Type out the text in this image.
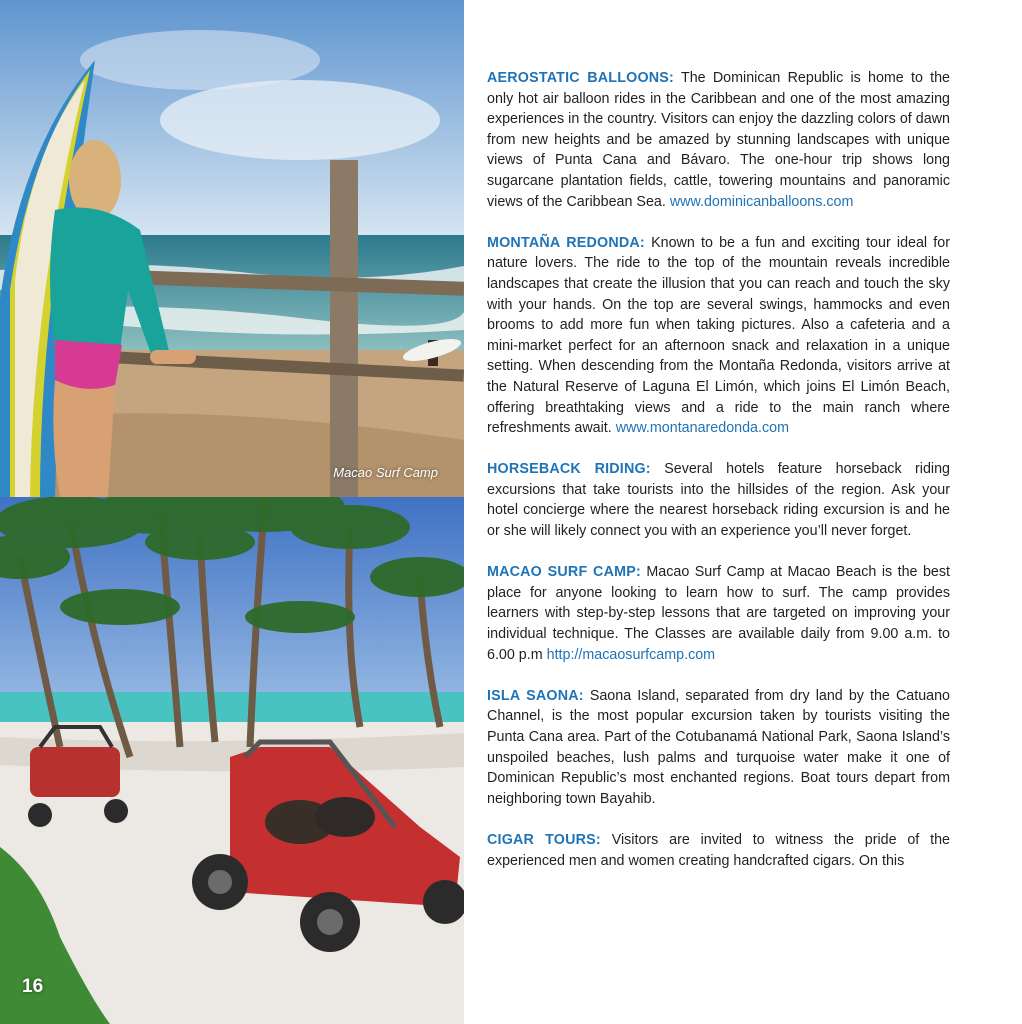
Macao Surf Camp
16

AEROSTATIC BALLOONS: The Dominican Republic is home to the only hot air balloon rides in the Caribbean and one of the most amazing experiences in the country. Visitors can enjoy the dazzling colors of dawn from new heights and be amazed by stunning landscapes with unique views of Punta Cana and Bávaro. The one-hour trip shows long sugarcane plantation fields, cattle, towering mountains and panoramic views of the Caribbean Sea. www.dominicanballoons.com

MONTAÑA REDONDA: Known to be a fun and exciting tour ideal for nature lovers. The ride to the top of the mountain reveals incredible landscapes that create the illusion that you can reach and touch the sky with your hands. On the top are several swings, hammocks and even brooms to add more fun when taking pictures. Also a cafeteria and a mini-market perfect for an afternoon snack and relaxation in a unique setting. When descending from the Montaña Redonda, visitors arrive at the Natural Reserve of Laguna El Limón, which joins El Limón Beach, offering breathtaking views and a ride to the main ranch where refreshments await. www.montanaredonda.com

HORSEBACK RIDING: Several hotels feature horseback riding excursions that take tourists into the hillsides of the region. Ask your hotel concierge where the nearest horseback riding excursion is and he or she will likely connect you with an experience you’ll never forget.

MACAO SURF CAMP: Macao Surf Camp at Macao Beach is the best place for anyone looking to learn how to surf. The camp provides learners with step-by-step lessons that are targeted on improving your individual technique. The Classes are available daily from 9.00 a.m. to 6.00 p.m http://macaosurfcamp.com

ISLA SAONA: Saona Island, separated from dry land by the Catuano Channel, is the most popular excursion taken by tourists visiting the Punta Cana area. Part of the Cotubanamá National Park, Saona Island’s unspoiled beaches, lush palms and turquoise water make it one of Dominican Republic’s most enchanted regions. Boat tours depart from neighboring town Bayahib.

CIGAR TOURS: Visitors are invited to witness the pride of the experienced men and women creating handcrafted cigars. On this
